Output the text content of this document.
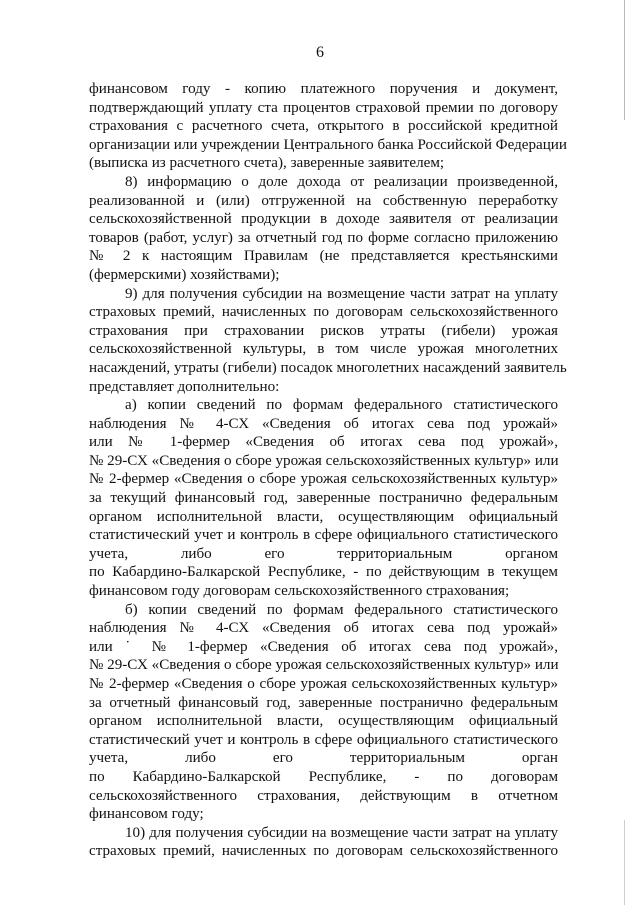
6
финансовом году - копию платежного поручения и документ,
подтверждающий уплату ста процентов страховой премии по договору
страхования с расчетного счета, открытого в российской кредитной
организации или учреждении Центрального банка Российской Федерации
(выписка из расчетного счета), заверенные заявителем;
8) информацию о доле дохода от реализации произведенной,
реализованной и (или) отгруженной на собственную переработку
сельскохозяйственной продукции в доходе заявителя от реализации
товаров (работ, услуг) за отчетный год по форме согласно приложению
№ 2 к настоящим Правилам (не представляется крестьянскими
(фермерскими) хозяйствами);
9) для получения субсидии на возмещение части затрат на уплату
страховых премий, начисленных по договорам сельскохозяйственного
страхования при страховании рисков утраты (гибели) урожая
сельскохозяйственной культуры, в том числе урожая многолетних
насаждений, утраты (гибели) посадок многолетних насаждений заявитель
представляет дополнительно:
а) копии сведений по формам федерального статистического
наблюдения № 4-СХ «Сведения об итогах сева под урожай»
или № 1-фермер «Сведения об итогах сева под урожай»,
№ 29-СХ «Сведения о сборе урожая сельскохозяйственных культур» или
№ 2-фермер «Сведения о сборе урожая сельскохозяйственных культур»
за текущий финансовый год, заверенные постранично федеральным
органом исполнительной власти, осуществляющим официальный
статистический учет и контроль в сфере официального статистического
учета, либо его территориальным органом
по Кабардино-Балкарской Республике, - по действующим в текущем
финансовом году договорам сельскохозяйственного страхования;
б) копии сведений по формам федерального статистического
наблюдения № 4-СХ «Сведения об итогах сева под урожай»
или ˙ № 1-фермер «Сведения об итогах сева под урожай»,
№ 29-СХ «Сведения о сборе урожая сельскохозяйственных культур» или
№ 2-фермер «Сведения о сборе урожая сельскохозяйственных культур»
за отчетный финансовый год, заверенные постранично федеральным
органом исполнительной власти, осуществляющим официальный
статистический учет и контроль в сфере официального статистического
учета, либо его территориальным орган
по Кабардино-Балкарской Республике, - по договорам
сельскохозяйственного страхования, действующим в отчетном
финансовом году;
10) для получения субсидии на возмещение части затрат на уплату
страховых премий, начисленных по договорам сельскохозяйственного
